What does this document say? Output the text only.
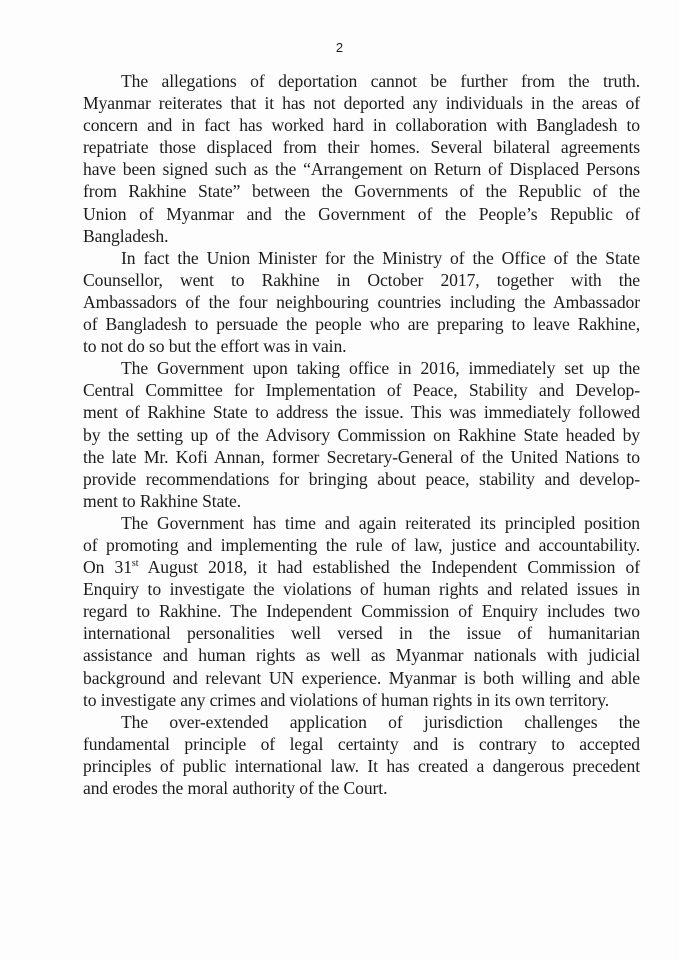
2

The allegations of deportation cannot be further from the truth.
Myanmar reiterates that it has not deported any individuals in the areas of
concern and in fact has worked hard in collaboration with Bangladesh to
repatriate those displaced from their homes. Several bilateral agreements
have been signed such as the “Arrangement on Return of Displaced Persons
from Rakhine State” between the Governments of the Republic of the
Union of Myanmar and the Government of the People’s Republic of
Bangladesh.

In fact the Union Minister for the Ministry of the Office of the State
Counsellor, went to Rakhine in October 2017, together with the
Ambassadors of the four neighbouring countries including the Ambassador
of Bangladesh to persuade the people who are preparing to leave Rakhine,
to not do so but the effort was in vain.

The Government upon taking office in 2016, immediately set up the
Central Committee for Implementation of Peace, Stability and Develop-
ment of Rakhine State to address the issue. This was immediately followed
by the setting up of the Advisory Commission on Rakhine State headed by
the late Mr. Kofi Annan, former Secretary-General of the United Nations to
provide recommendations for bringing about peace, stability and develop-
ment to Rakhine State.

The Government has time and again reiterated its principled position
of promoting and implementing the rule of law, justice and accountability.
On 31st August 2018, it had established the Independent Commission of
Enquiry to investigate the violations of human rights and related issues in
regard to Rakhine. The Independent Commission of Enquiry includes two
international personalities well versed in the issue of humanitarian
assistance and human rights as well as Myanmar nationals with judicial
background and relevant UN experience. Myanmar is both willing and able
to investigate any crimes and violations of human rights in its own territory.

The over-extended application of jurisdiction challenges the
fundamental principle of legal certainty and is contrary to accepted
principles of public international law. It has created a dangerous precedent
and erodes the moral authority of the Court.
